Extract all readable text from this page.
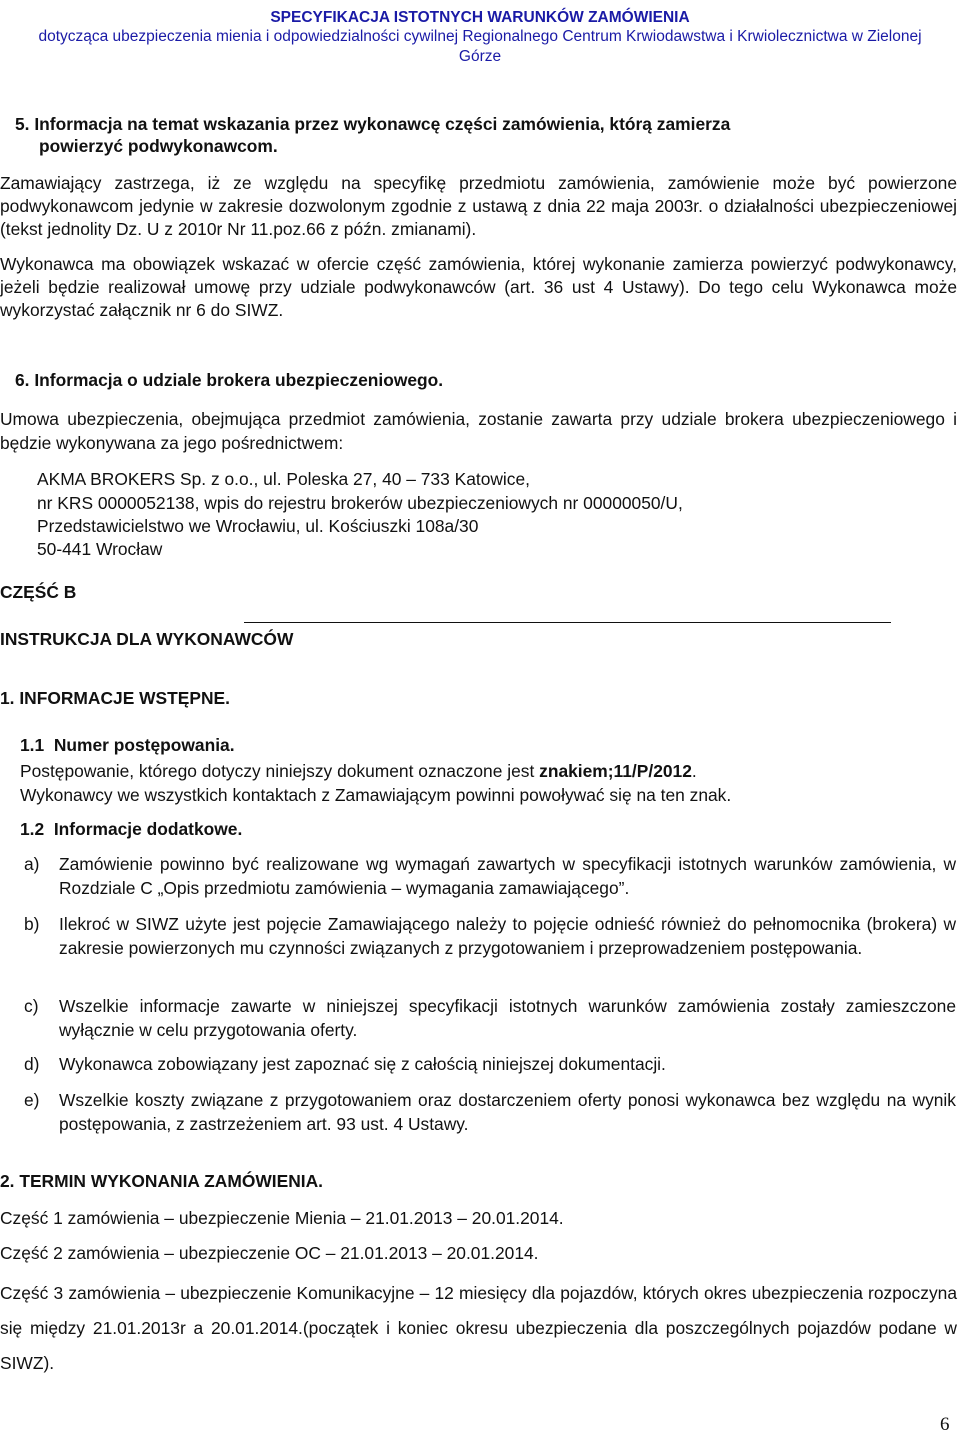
SPECYFIKACJA ISTOTNYCH WARUNKÓW ZAMÓWIENIA
dotycząca ubezpieczenia mienia i odpowiedzialności cywilnej Regionalnego Centrum Krwiodawstwa i Krwiolecznictwa w Zielonej
Górze
5. Informacja na temat wskazania przez wykonawcę części zamówienia, którą zamierza
powierzyć podwykonawcom.
Zamawiający zastrzega, iż ze względu na specyfikę przedmiotu zamówienia, zamówienie może być powierzone podwykonawcom jedynie w zakresie dozwolonym zgodnie z ustawą z dnia 22 maja 2003r. o działalności ubezpieczeniowej (tekst jednolity Dz. U z 2010r Nr 11.poz.66 z późn. zmianami).
Wykonawca ma obowiązek wskazać w ofercie część zamówienia, której wykonanie zamierza powierzyć podwykonawcy, jeżeli będzie realizował umowę przy udziale podwykonawców (art. 36 ust 4 Ustawy). Do tego celu Wykonawca może wykorzystać załącznik nr 6 do SIWZ.
6. Informacja o udziale brokera ubezpieczeniowego.
Umowa ubezpieczenia, obejmująca przedmiot zamówienia, zostanie zawarta przy udziale brokera ubezpieczeniowego i będzie wykonywana za jego pośrednictwem:
AKMA BROKERS Sp. z o.o., ul. Poleska 27, 40 – 733 Katowice,
nr KRS 0000052138, wpis do rejestru brokerów ubezpieczeniowych nr 00000050/U,
Przedstawicielstwo we Wrocławiu, ul. Kościuszki 108a/30
50-441 Wrocław
CZĘŚĆ B
INSTRUKCJA DLA WYKONAWCÓW
1. INFORMACJE WSTĘPNE.
1.1  Numer postępowania.
Postępowanie, którego dotyczy niniejszy dokument oznaczone jest znakiem;11/P/2012.
Wykonawcy we wszystkich kontaktach z Zamawiającym powinni powoływać się na ten znak.
1.2  Informacje dodatkowe.
a) Zamówienie powinno być realizowane wg wymagań zawartych w specyfikacji istotnych warunków zamówienia, w Rozdziale C „Opis przedmiotu zamówienia – wymagania zamawiającego”.
b) Ilekroć w SIWZ użyte jest pojęcie Zamawiającego należy to pojęcie odnieść również do pełnomocnika (brokera) w zakresie powierzonych mu czynności związanych z przygotowaniem i przeprowadzeniem postępowania.
c) Wszelkie informacje zawarte w niniejszej specyfikacji istotnych warunków zamówienia zostały zamieszczone wyłącznie w celu przygotowania oferty.
d) Wykonawca zobowiązany jest zapoznać się z całością niniejszej dokumentacji.
e) Wszelkie koszty związane z przygotowaniem oraz dostarczeniem oferty ponosi wykonawca bez względu na wynik postępowania, z zastrzeżeniem art. 93 ust. 4 Ustawy.
2. TERMIN WYKONANIA ZAMÓWIENIA.
Część 1 zamówienia – ubezpieczenie Mienia – 21.01.2013 – 20.01.2014.
Część 2 zamówienia – ubezpieczenie OC – 21.01.2013 – 20.01.2014.
Część 3 zamówienia – ubezpieczenie Komunikacyjne – 12 miesięcy dla pojazdów, których okres ubezpieczenia rozpoczyna się między 21.01.2013r a 20.01.2014.(początek i koniec okresu ubezpieczenia dla poszczególnych pojazdów podane w SIWZ).
6
